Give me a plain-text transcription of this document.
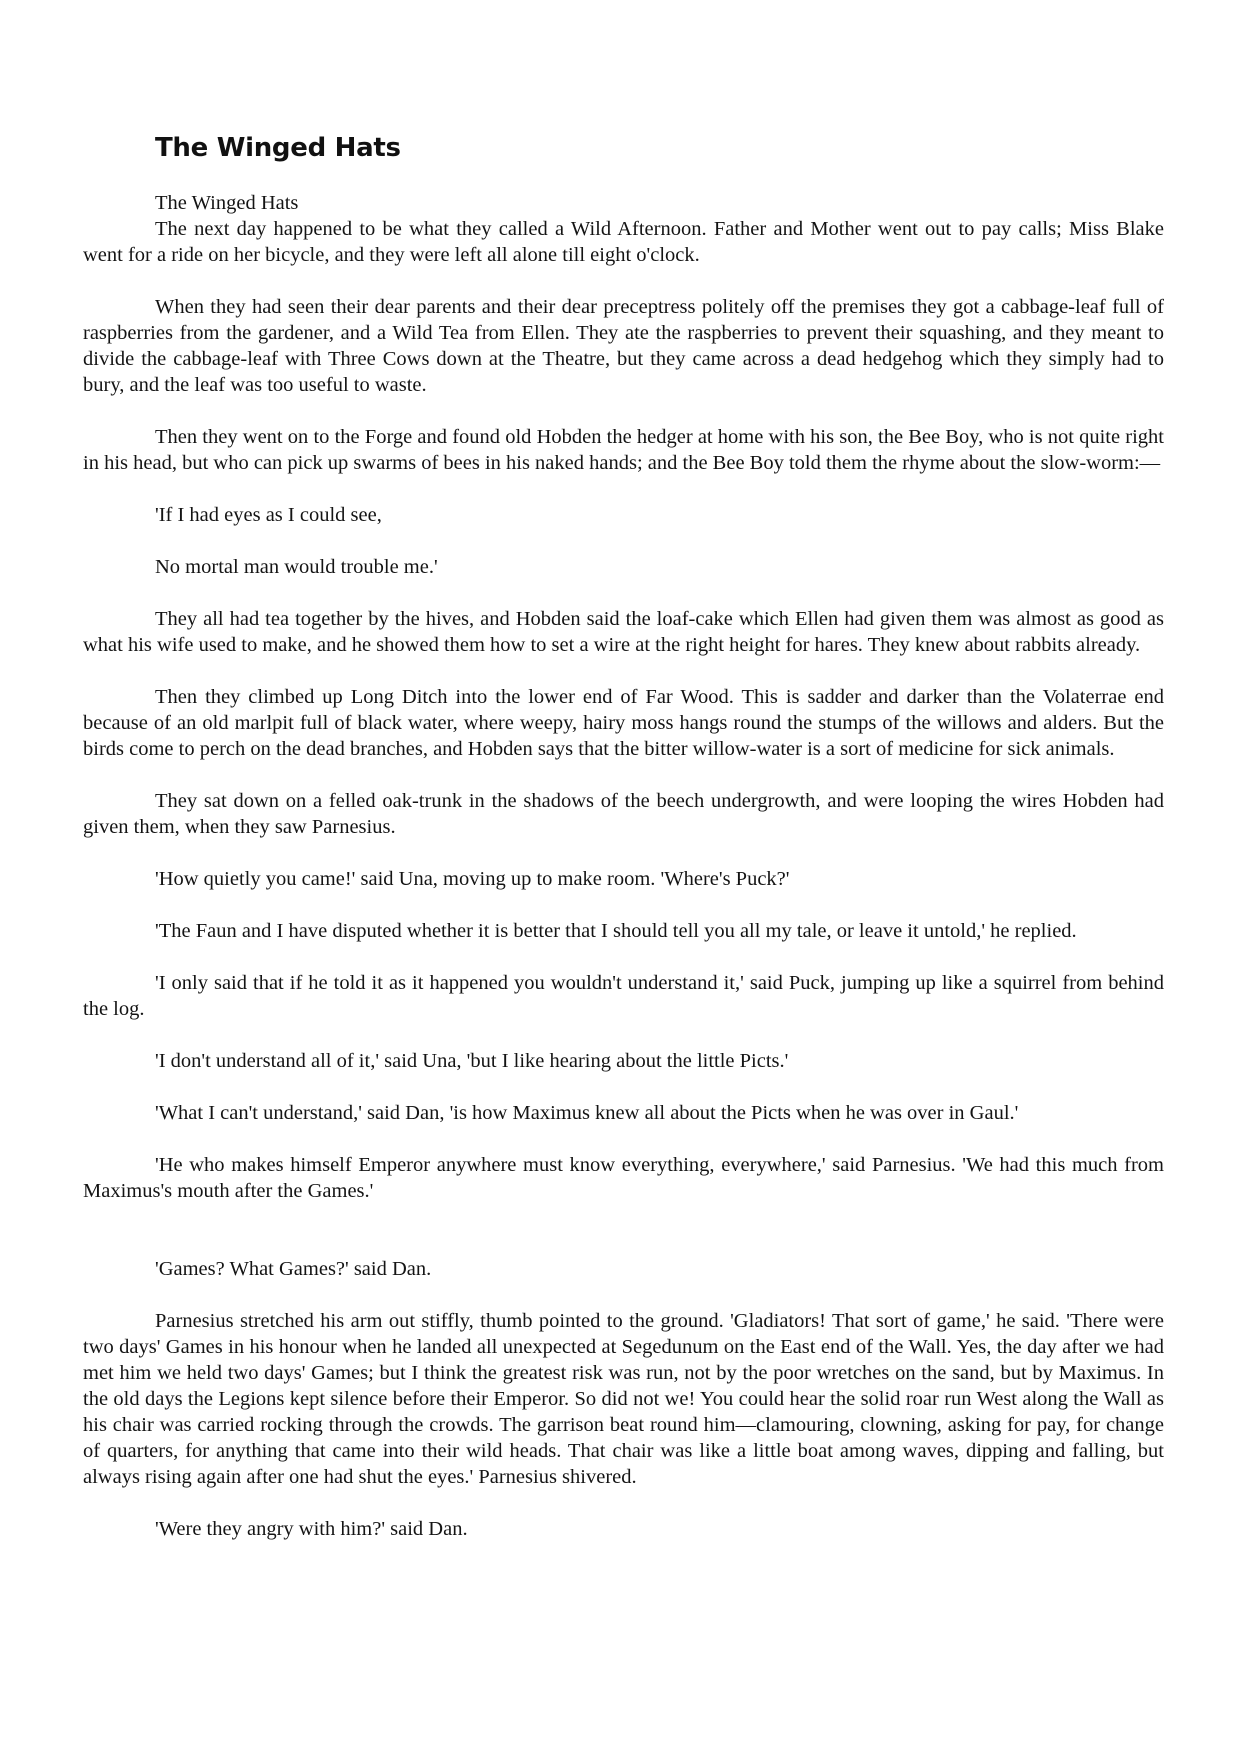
The Winged Hats

The Winged Hats

The next day happened to be what they called a Wild Afternoon. Father and Mother went out to pay calls; Miss Blake went for a ride on her bicycle, and they were left all alone till eight o'clock.

When they had seen their dear parents and their dear preceptress politely off the premises they got a cabbage-leaf full of raspberries from the gardener, and a Wild Tea from Ellen. They ate the raspberries to prevent their squashing, and they meant to divide the cabbage-leaf with Three Cows down at the Theatre, but they came across a dead hedgehog which they simply had to bury, and the leaf was too useful to waste.

Then they went on to the Forge and found old Hobden the hedger at home with his son, the Bee Boy, who is not quite right in his head, but who can pick up swarms of bees in his naked hands; and the Bee Boy told them the rhyme about the slow-worm:—

'If I had eyes as I could see,

No mortal man would trouble me.'

They all had tea together by the hives, and Hobden said the loaf-cake which Ellen had given them was almost as good as what his wife used to make, and he showed them how to set a wire at the right height for hares. They knew about rabbits already.

Then they climbed up Long Ditch into the lower end of Far Wood. This is sadder and darker than the Volaterrae end because of an old marlpit full of black water, where weepy, hairy moss hangs round the stumps of the willows and alders. But the birds come to perch on the dead branches, and Hobden says that the bitter willow-water is a sort of medicine for sick animals.

They sat down on a felled oak-trunk in the shadows of the beech undergrowth, and were looping the wires Hobden had given them, when they saw Parnesius.

'How quietly you came!' said Una, moving up to make room. 'Where's Puck?'

'The Faun and I have disputed whether it is better that I should tell you all my tale, or leave it untold,' he replied.

'I only said that if he told it as it happened you wouldn't understand it,' said Puck, jumping up like a squirrel from behind the log.

'I don't understand all of it,' said Una, 'but I like hearing about the little Picts.'

'What I can't understand,' said Dan, 'is how Maximus knew all about the Picts when he was over in Gaul.'

'He who makes himself Emperor anywhere must know everything, everywhere,' said Parnesius. 'We had this much from Maximus's mouth after the Games.'

'Games? What Games?' said Dan.

Parnesius stretched his arm out stiffly, thumb pointed to the ground. 'Gladiators! That sort of game,' he said. 'There were two days' Games in his honour when he landed all unexpected at Segedunum on the East end of the Wall. Yes, the day after we had met him we held two days' Games; but I think the greatest risk was run, not by the poor wretches on the sand, but by Maximus. In the old days the Legions kept silence before their Emperor. So did not we! You could hear the solid roar run West along the Wall as his chair was carried rocking through the crowds. The garrison beat round him—clamouring, clowning, asking for pay, for change of quarters, for anything that came into their wild heads. That chair was like a little boat among waves, dipping and falling, but always rising again after one had shut the eyes.' Parnesius shivered.

'Were they angry with him?' said Dan.
